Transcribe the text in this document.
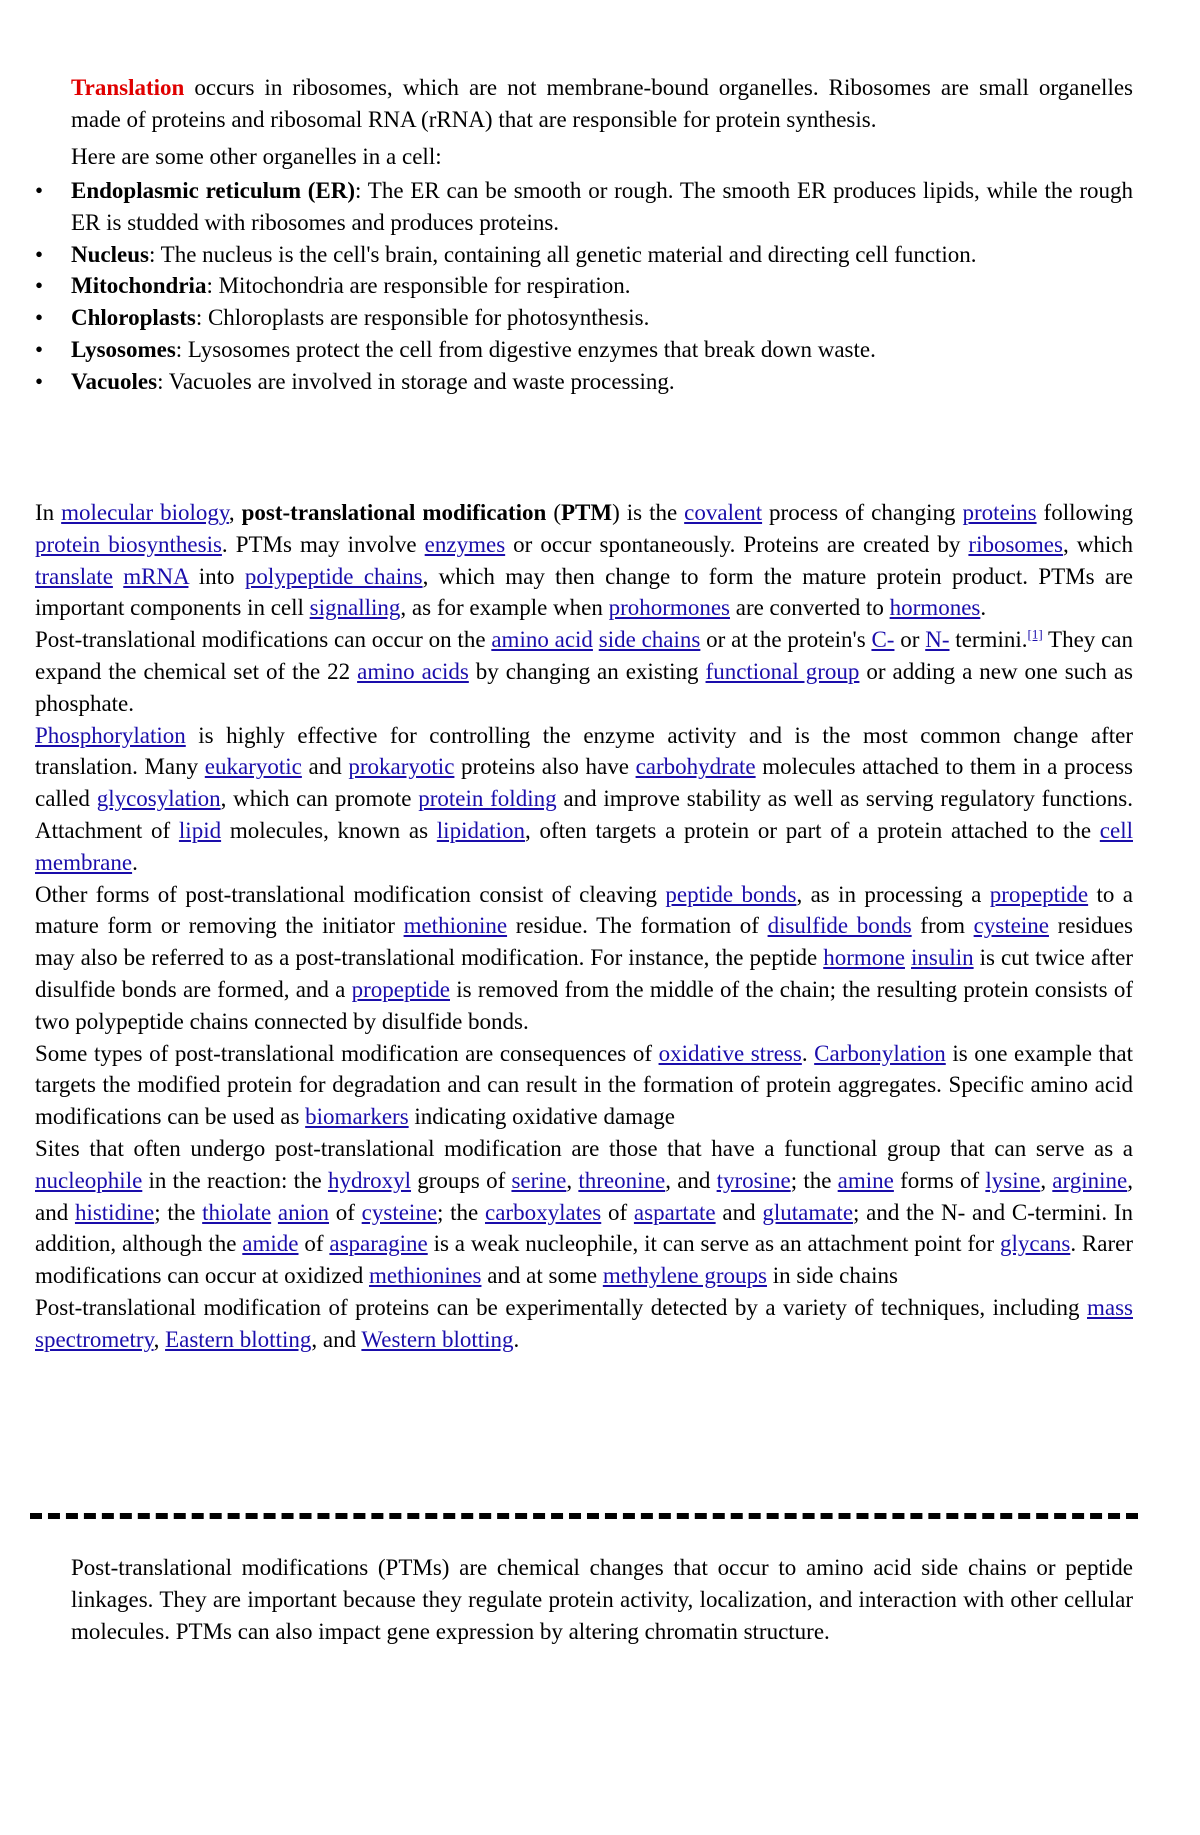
Translation occurs in ribosomes, which are not membrane-bound organelles. Ribosomes are small organelles made of proteins and ribosomal RNA (rRNA) that are responsible for protein synthesis.

Here are some other organelles in a cell:

• Endoplasmic reticulum (ER): The ER can be smooth or rough. The smooth ER produces lipids, while the rough ER is studded with ribosomes and produces proteins.
• Nucleus: The nucleus is the cell's brain, containing all genetic material and directing cell function.
• Mitochondria: Mitochondria are responsible for respiration.
• Chloroplasts: Chloroplasts are responsible for photosynthesis.
• Lysosomes: Lysosomes protect the cell from digestive enzymes that break down waste.
• Vacuoles: Vacuoles are involved in storage and waste processing.

In molecular biology, post-translational modification (PTM) is the covalent process of changing proteins following protein biosynthesis. PTMs may involve enzymes or occur spontaneously. Proteins are created by ribosomes, which translate mRNA into polypeptide chains, which may then change to form the mature protein product. PTMs are important components in cell signalling, as for example when prohormones are converted to hormones.

Post-translational modifications can occur on the amino acid side chains or at the protein's C- or N- termini.[1] They can expand the chemical set of the 22 amino acids by changing an existing functional group or adding a new one such as phosphate.

Phosphorylation is highly effective for controlling the enzyme activity and is the most common change after translation. Many eukaryotic and prokaryotic proteins also have carbohydrate molecules attached to them in a process called glycosylation, which can promote protein folding and improve stability as well as serving regulatory functions. Attachment of lipid molecules, known as lipidation, often targets a protein or part of a protein attached to the cell membrane.

Other forms of post-translational modification consist of cleaving peptide bonds, as in processing a propeptide to a mature form or removing the initiator methionine residue. The formation of disulfide bonds from cysteine residues may also be referred to as a post-translational modification. For instance, the peptide hormone insulin is cut twice after disulfide bonds are formed, and a propeptide is removed from the middle of the chain; the resulting protein consists of two polypeptide chains connected by disulfide bonds.

Some types of post-translational modification are consequences of oxidative stress. Carbonylation is one example that targets the modified protein for degradation and can result in the formation of protein aggregates. Specific amino acid modifications can be used as biomarkers indicating oxidative damage

Sites that often undergo post-translational modification are those that have a functional group that can serve as a nucleophile in the reaction: the hydroxyl groups of serine, threonine, and tyrosine; the amine forms of lysine, arginine, and histidine; the thiolate anion of cysteine; the carboxylates of aspartate and glutamate; and the N- and C-termini. In addition, although the amide of asparagine is a weak nucleophile, it can serve as an attachment point for glycans. Rarer modifications can occur at oxidized methionines and at some methylene groups in side chains

Post-translational modification of proteins can be experimentally detected by a variety of techniques, including mass spectrometry, Eastern blotting, and Western blotting.

Post-translational modifications (PTMs) are chemical changes that occur to amino acid side chains or peptide linkages. They are important because they regulate protein activity, localization, and interaction with other cellular molecules. PTMs can also impact gene expression by altering chromatin structure.
